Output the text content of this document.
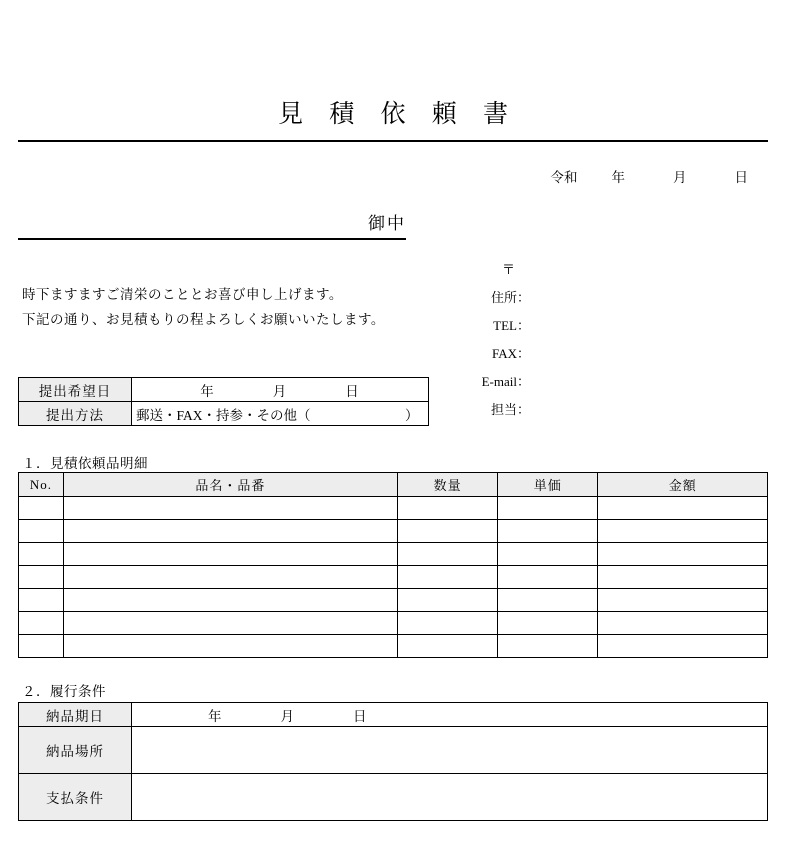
見 積 依 頼 書
令和	年	月	日
御中
時下ますますご清栄のこととお喜び申し上げます。
下記の通り、お見積もりの程よろしくお願いいたします。
〒
住所：
TEL：
FAX：
E-mail：
担当：
提出希望日	年 月 日

提出方法	郵送・FAX・持参・その他（　　　　　　　）
１．見積依頼品明細
No.	品名・品番	数量	単価	金額

２．履行条件
納品期日	年 月 日

納品場所	
支払条件	
